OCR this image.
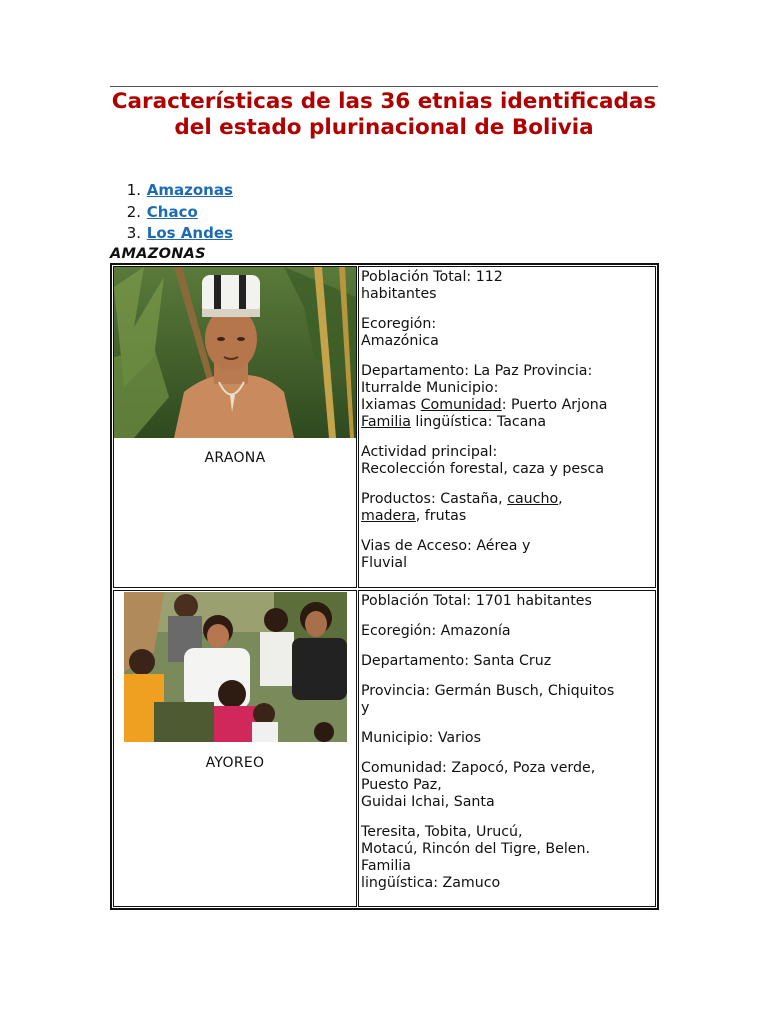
Características de las 36 etnias identificadas del estado plurinacional de Bolivia
1. Amazonas
2. Chaco
3. Los Andes
AMAZONAS
ARAONA

Población Total: 112
habitantes

Ecoregión:
Amazónica

Departamento: La Paz Provincia:
Iturralde Municipio:
Ixiamas Comunidad: Puerto Arjona
Familia lingüística: Tacana

Actividad principal:
Recolección forestal, caza y pesca

Productos: Castaña, caucho,
madera, frutas

Vias de Acceso: Aérea y
Fluvial

AYOREO

Población Total: 1701 habitantes

Ecoregión: Amazonía

Departamento: Santa Cruz

Provincia: Germán Busch, Chiquitos
y

Municipio: Varios

Comunidad: Zapocó, Poza verde,
Puesto Paz,
Guidai Ichai, Santa

Teresita, Tobita, Urucú,
Motacú, Rincón del Tigre, Belen.
Familia
lingüística: Zamuco
